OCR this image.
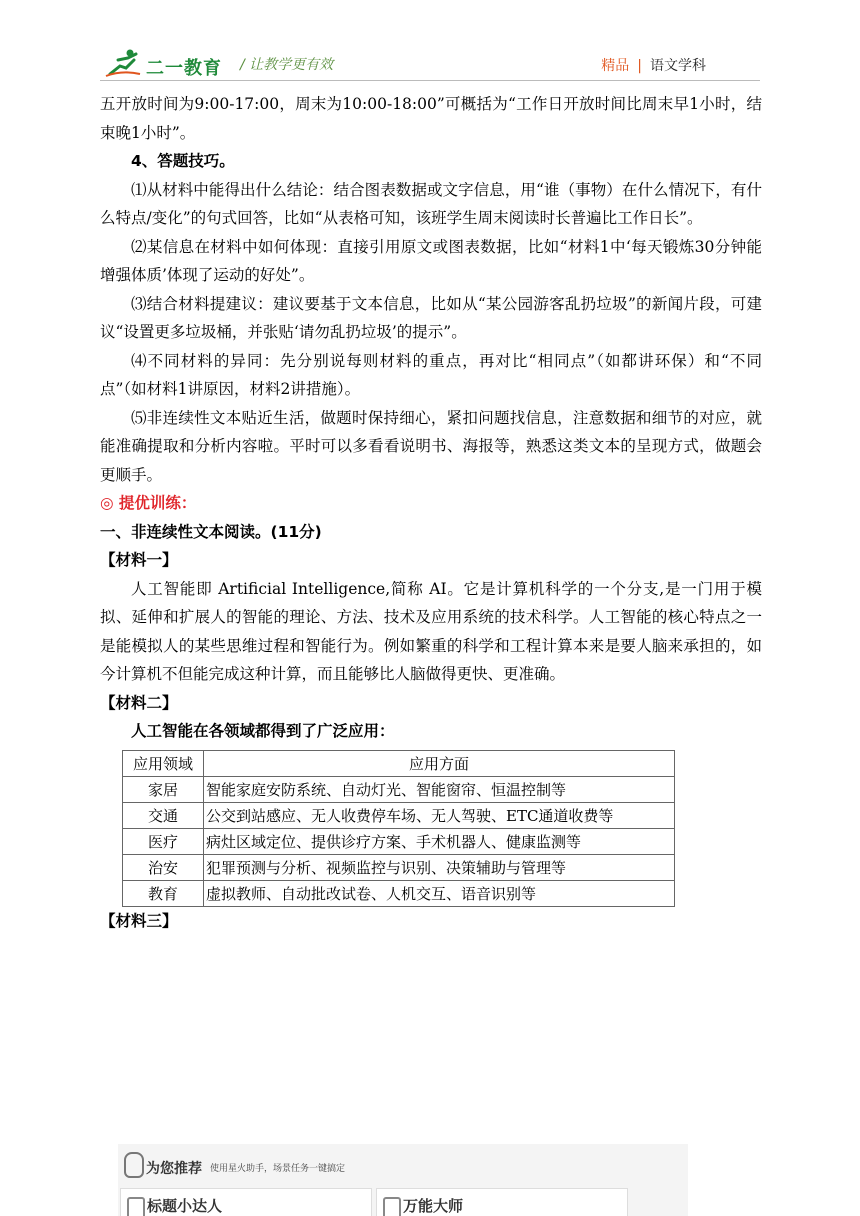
二一教育 / 让教学更有效	精品 | 语文学科

五开放时间为9:00-17:00，周末为10:00-18:00”可概括为“工作日开放时间比周末早1小时，结束晚1小时”。

4、答题技巧。

⑴从材料中能得出什么结论：结合图表数据或文字信息，用“谁（事物）在什么情况下，有什么特点/变化”的句式回答，比如“从表格可知，该班学生周末阅读时长普遍比工作日长”。

⑵某信息在材料中如何体现：直接引用原文或图表数据，比如“材料1中‘每天锻炼30分钟能增强体质’体现了运动的好处”。

⑶结合材料提建议：建议要基于文本信息，比如从“某公园游客乱扔垃圾”的新闻片段，可建议“设置更多垃圾桶，并张贴‘请勿乱扔垃圾’的提示”。

⑷不同材料的异同：先分别说每则材料的重点，再对比“相同点”（如都讲环保）和“不同点”（如材料1讲原因，材料2讲措施）。

⑸非连续性文本贴近生活，做题时保持细心，紧扣问题找信息，注意数据和细节的对应，就能准确提取和分析内容啦。平时可以多看看说明书、海报等，熟悉这类文本的呈现方式，做题会更顺手。

◎ 提优训练：

一、非连续性文本阅读。(11分)

【材料一】

人工智能即 Artificial Intelligence,简称 AI。它是计算机科学的一个分支,是一门用于模拟、延伸和扩展人的智能的理论、方法、技术及应用系统的技术科学。人工智能的核心特点之一是能模拟人的某些思维过程和智能行为。例如繁重的科学和工程计算本来是要人脑来承担的，如今计算机不但能完成这种计算，而且能够比人脑做得更快、更准确。

【材料二】

人工智能在各领域都得到了广泛应用：

应用领域	应用方面
家居	智能家庭安防系统、自动灯光、智能窗帘、恒温控制等
交通	公交到站感应、无人收费停车场、无人驾驶、ETC通道收费等
医疗	病灶区域定位、提供诊疗方案、手术机器人、健康监测等
治安	犯罪预测与分析、视频监控与识别、决策辅助与管理等
教育	虚拟教师、自动批改试卷、人机交互、语音识别等

【材料三】

为您推荐 使用星火助手，场景任务一键搞定
标题小达人	万能大师
